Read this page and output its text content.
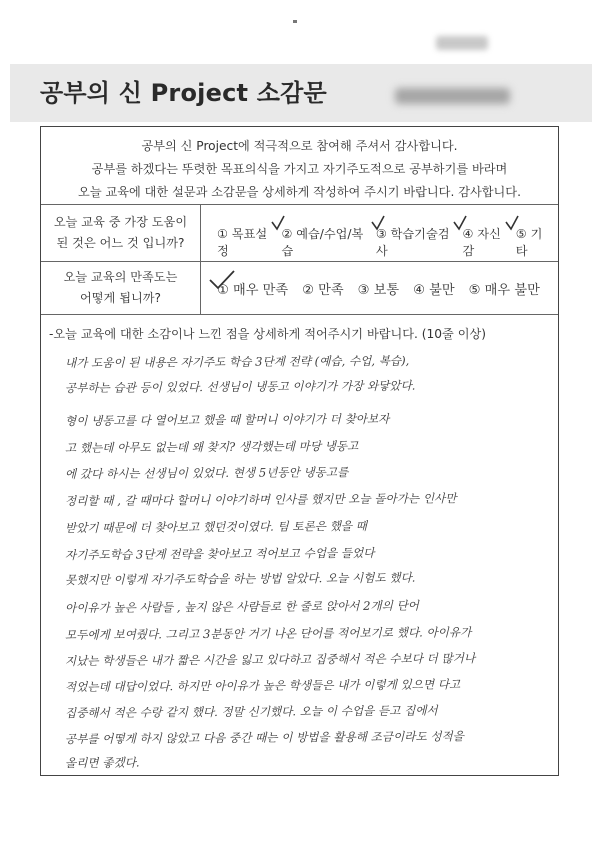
공부의 신 Project 소감문
공부의 신 Project에 적극적으로 참여해 주셔서 감사합니다.
공부를 하겠다는 뚜렷한 목표의식을 가지고 자기주도적으로 공부하기를 바라며
오늘 교육에 대한 설문과 소감문을 상세하게 작성하여 주시기 바랍니다. 감사합니다.
오늘 교육 중 가장 도움이
된 것은 어느 것 입니까?
① 목표설정
② 예습/수업/복습
③ 학습기술검사
④ 자신감
⑤ 기타
오늘 교육의 만족도는
어떻게 됩니까?	① 매우 만족 ② 만족 ③ 보통 ④ 불만 ⑤ 매우 불만
-오늘 교육에 대한 소감이나 느낀 점을 상세하게 적어주시기 바랍니다. (10줄 이상)
내가 도움이 된 내용은 자기주도 학습 3단계 전략 (예습, 수업, 복습),
공부하는 습관 등이 있었다. 선생님이 냉동고 이야기가 가장 와닿았다.
형이 냉동고를 다 열어보고 했을 때 할머니 이야기가 더 찾아보자
고 했는데 아무도 없는데 왜 찾지? 생각했는데 마당 냉동고
에 갔다 하시는 선생님이 있었다. 현생 5년동안 냉동고를
정리할 때 , 갈 때마다 할머니 이야기하며 인사를 했지만 오늘 돌아가는 인사만
받았기 때문에 더 찾아보고 했던것이였다. 팀 토론은 했을 때
자기주도학습 3단계 전략을 찾아보고 적어보고 수업을 들었다
못했지만 이렇게 자기주도학습을 하는 방법 알았다. 오늘 시험도 했다.
아이유가 높은 사람들 , 높지 않은 사람들로 한 줄로 앉아서 2개의 단어
모두에게 보여줬다. 그리고 3분동안 거기 나온 단어를 적어보기로 했다. 아이유가
지났는 학생들은 내가 짧은 시간을 잃고 있다하고 집중해서 적은 수보다 더 많거나
적었는데 대답이었다. 하지만 아이유가 높은 학생들은 내가 이렇게 있으면 다고
집중해서 적은 수랑 같지 했다. 정말 신기했다. 오늘 이 수업을 듣고 집에서
공부를 어떻게 하지 않았고 다음 중간 때는 이 방법을 활용해 조금이라도 성적을
올리면 좋겠다.
